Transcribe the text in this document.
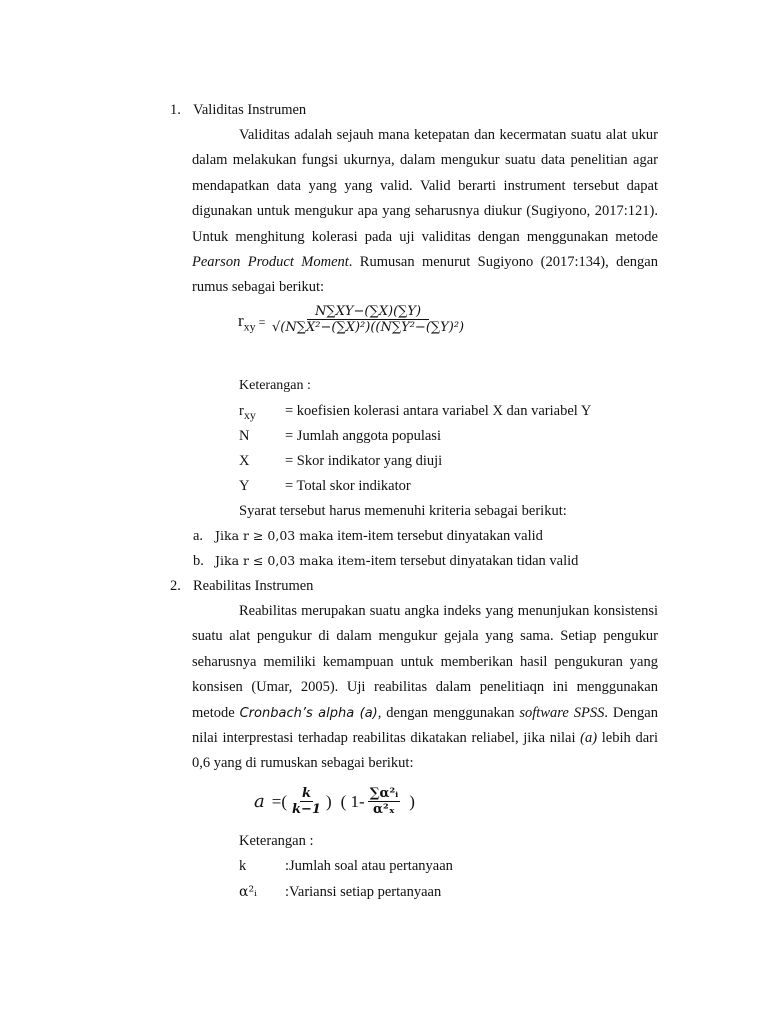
1. Validitas Instrumen
Validitas adalah sejauh mana ketepatan dan kecermatan suatu alat ukur dalam melakukan fungsi ukurnya, dalam mengukur suatu data penelitian agar mendapatkan data yang yang valid. Valid berarti instrument tersebut dapat digunakan untuk mengukur apa yang seharusnya diukur (Sugiyono, 2017:121). Untuk menghitung kolerasi pada uji validitas dengan menggunakan metode Pearson Product Moment. Rumusan menurut Sugiyono (2017:134), dengan rumus sebagai berikut:
$r_{xy} = \frac{N\sum XY-(\sum X)(\sum Y)}{\text{√(N∑X²−(∑X)²)((N∑Y²−(∑Y)²)}}$
Keterangan :
$r_{xy}$ = koefisien kolerasi antara variabel X dan variabel Y
N = Jumlah anggota populasi
X = Skor indikator yang diuji
Y = Total skor indikator
Syarat tersebut harus memenuhi kriteria sebagai berikut:
a. Jika r ≥ 0,03 maka item-item tersebut dinyatakan valid
b. Jika r ≤ 0,03 maka item-item tersebut dinyatakan tidan valid
2. Reabilitas Instrumen
Reabilitas merupakan suatu angka indeks yang menunjukan konsistensi suatu alat pengukur di dalam mengukur gejala yang sama. Setiap pengukur seharusnya memiliki kemampuan untuk memberikan hasil pengukuran yang konsisen (Umar, 2005). Uji reabilitas dalam penelitiaqn ini menggunakan metode Cronbach’s alpha (a), dengan menggunakan software SPSS. Dengan nilai interprestasi terhadap reabilitas dikatakan reliabel, jika nilai (a) lebih dari 0,6 yang di rumuskan sebagai berikut:
a =( $\frac{k}{k-1}$ ) ( $1- \frac{\text{∑α²ᵢ}}{\text{α²ₓ}}$ )
Keterangan :
k	:Jumlah soal atau pertanyaan
α²ᵢ :Variansi setiap pertanyaan
